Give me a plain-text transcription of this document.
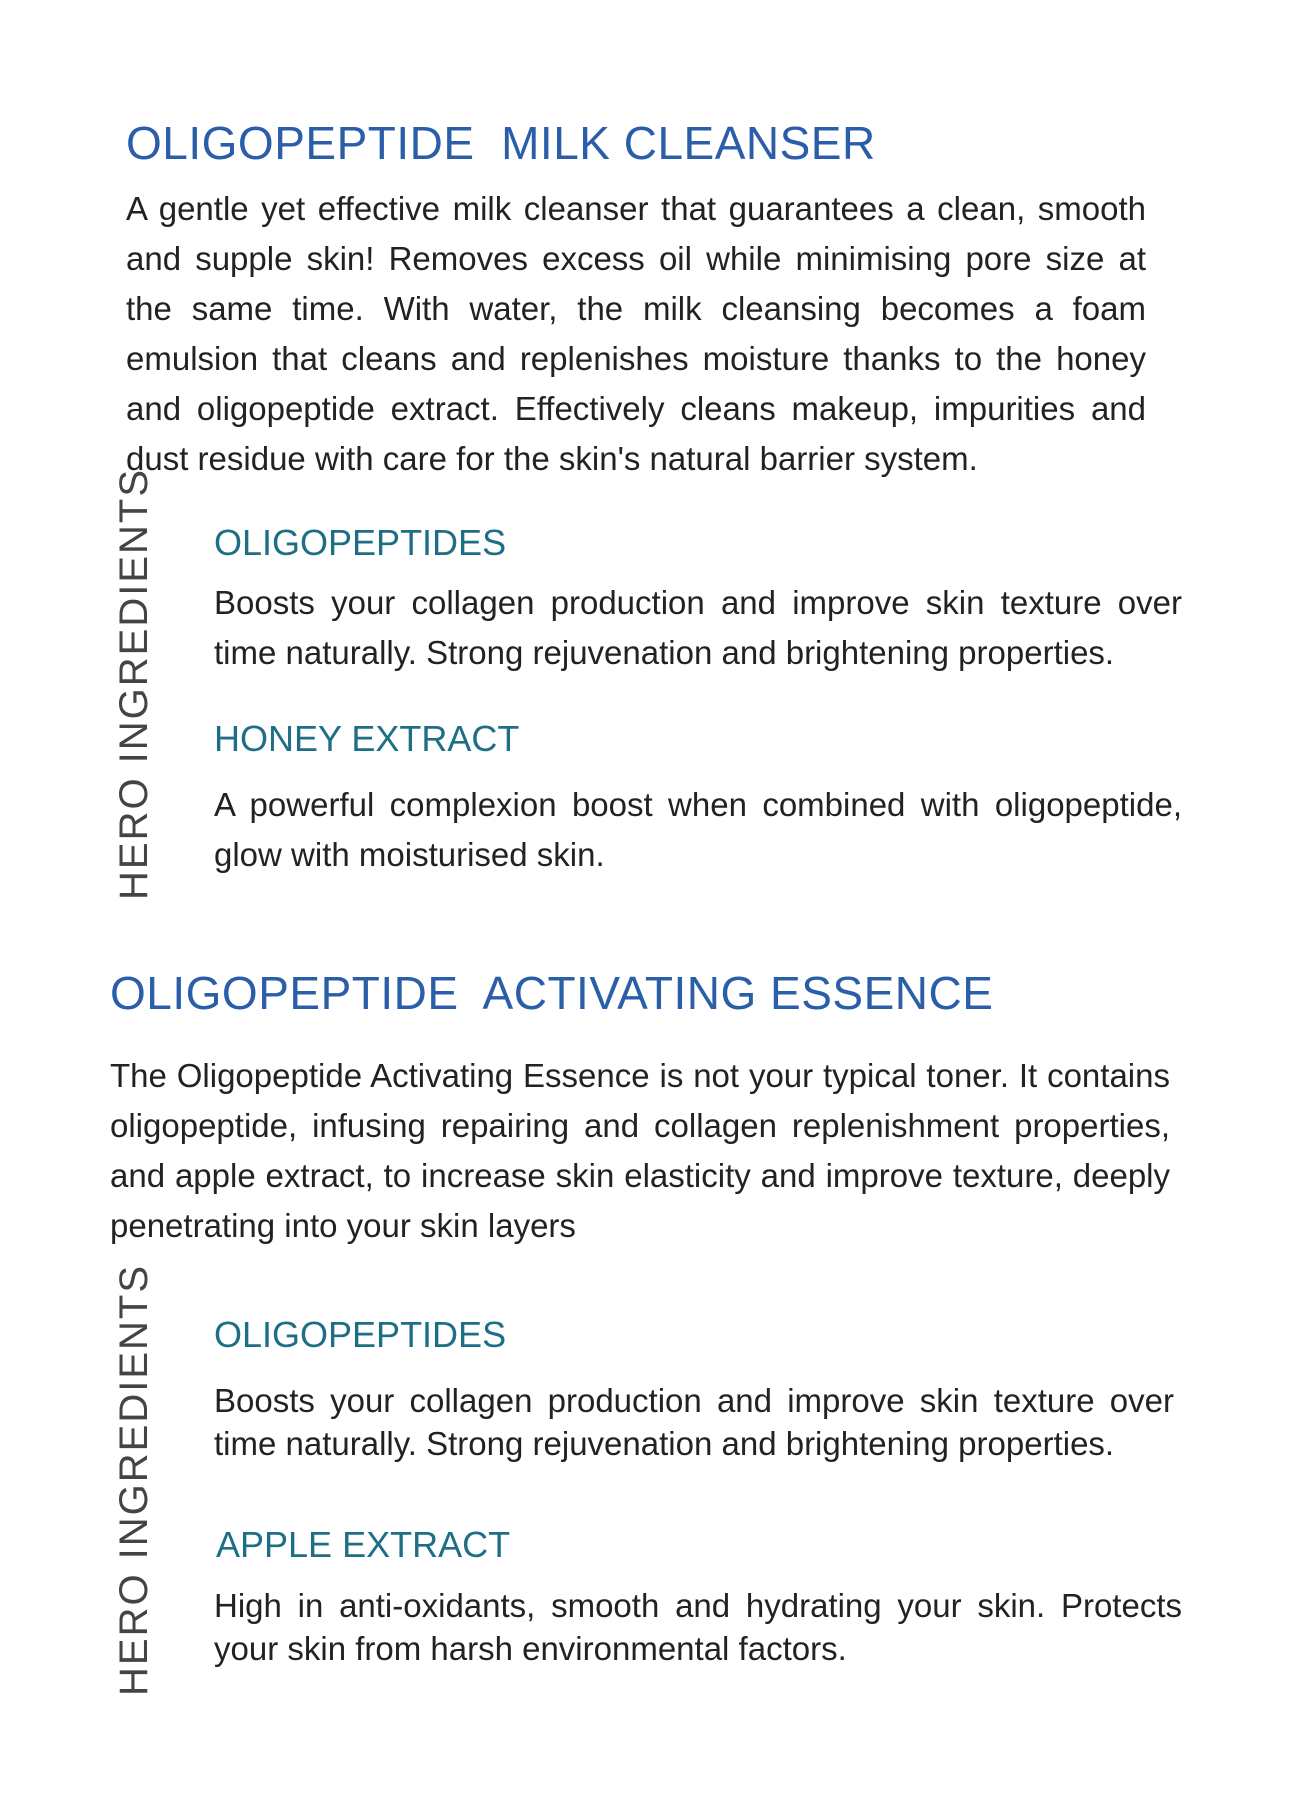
OLIGOPEPTIDE  MILK CLEANSER

A gentle yet effective milk cleanser that guarantees a clean, smooth and supple skin! Removes excess oil while minimising pore size at the same time. With water, the milk cleansing becomes a foam emulsion that cleans and replenishes moisture thanks to the honey and oligopeptide extract. Effectively cleans makeup, impurities and dust residue with care for the skin's natural barrier system.

HERO INGREDIENTS OLIGOPEPTIDES

Boosts your collagen production and improve skin texture over time naturally. Strong rejuvenation and brightening properties.

HONEY EXTRACT

A powerful complexion boost when combined with oligopeptide, glow with moisturised skin.

OLIGOPEPTIDE  ACTIVATING ESSENCE

The Oligopeptide Activating Essence is not your typical toner. It contains oligopeptide, infusing repairing and collagen replenishment properties, and apple extract, to increase skin elasticity and improve texture, deeply penetrating into your skin layers

HERO INGREDIENTS OLIGOPEPTIDES

Boosts your collagen production and improve skin texture over time naturally. Strong rejuvenation and brightening properties.

APPLE EXTRACT

High in anti-oxidants, smooth and hydrating your skin. Protects your skin from harsh environmental factors.
